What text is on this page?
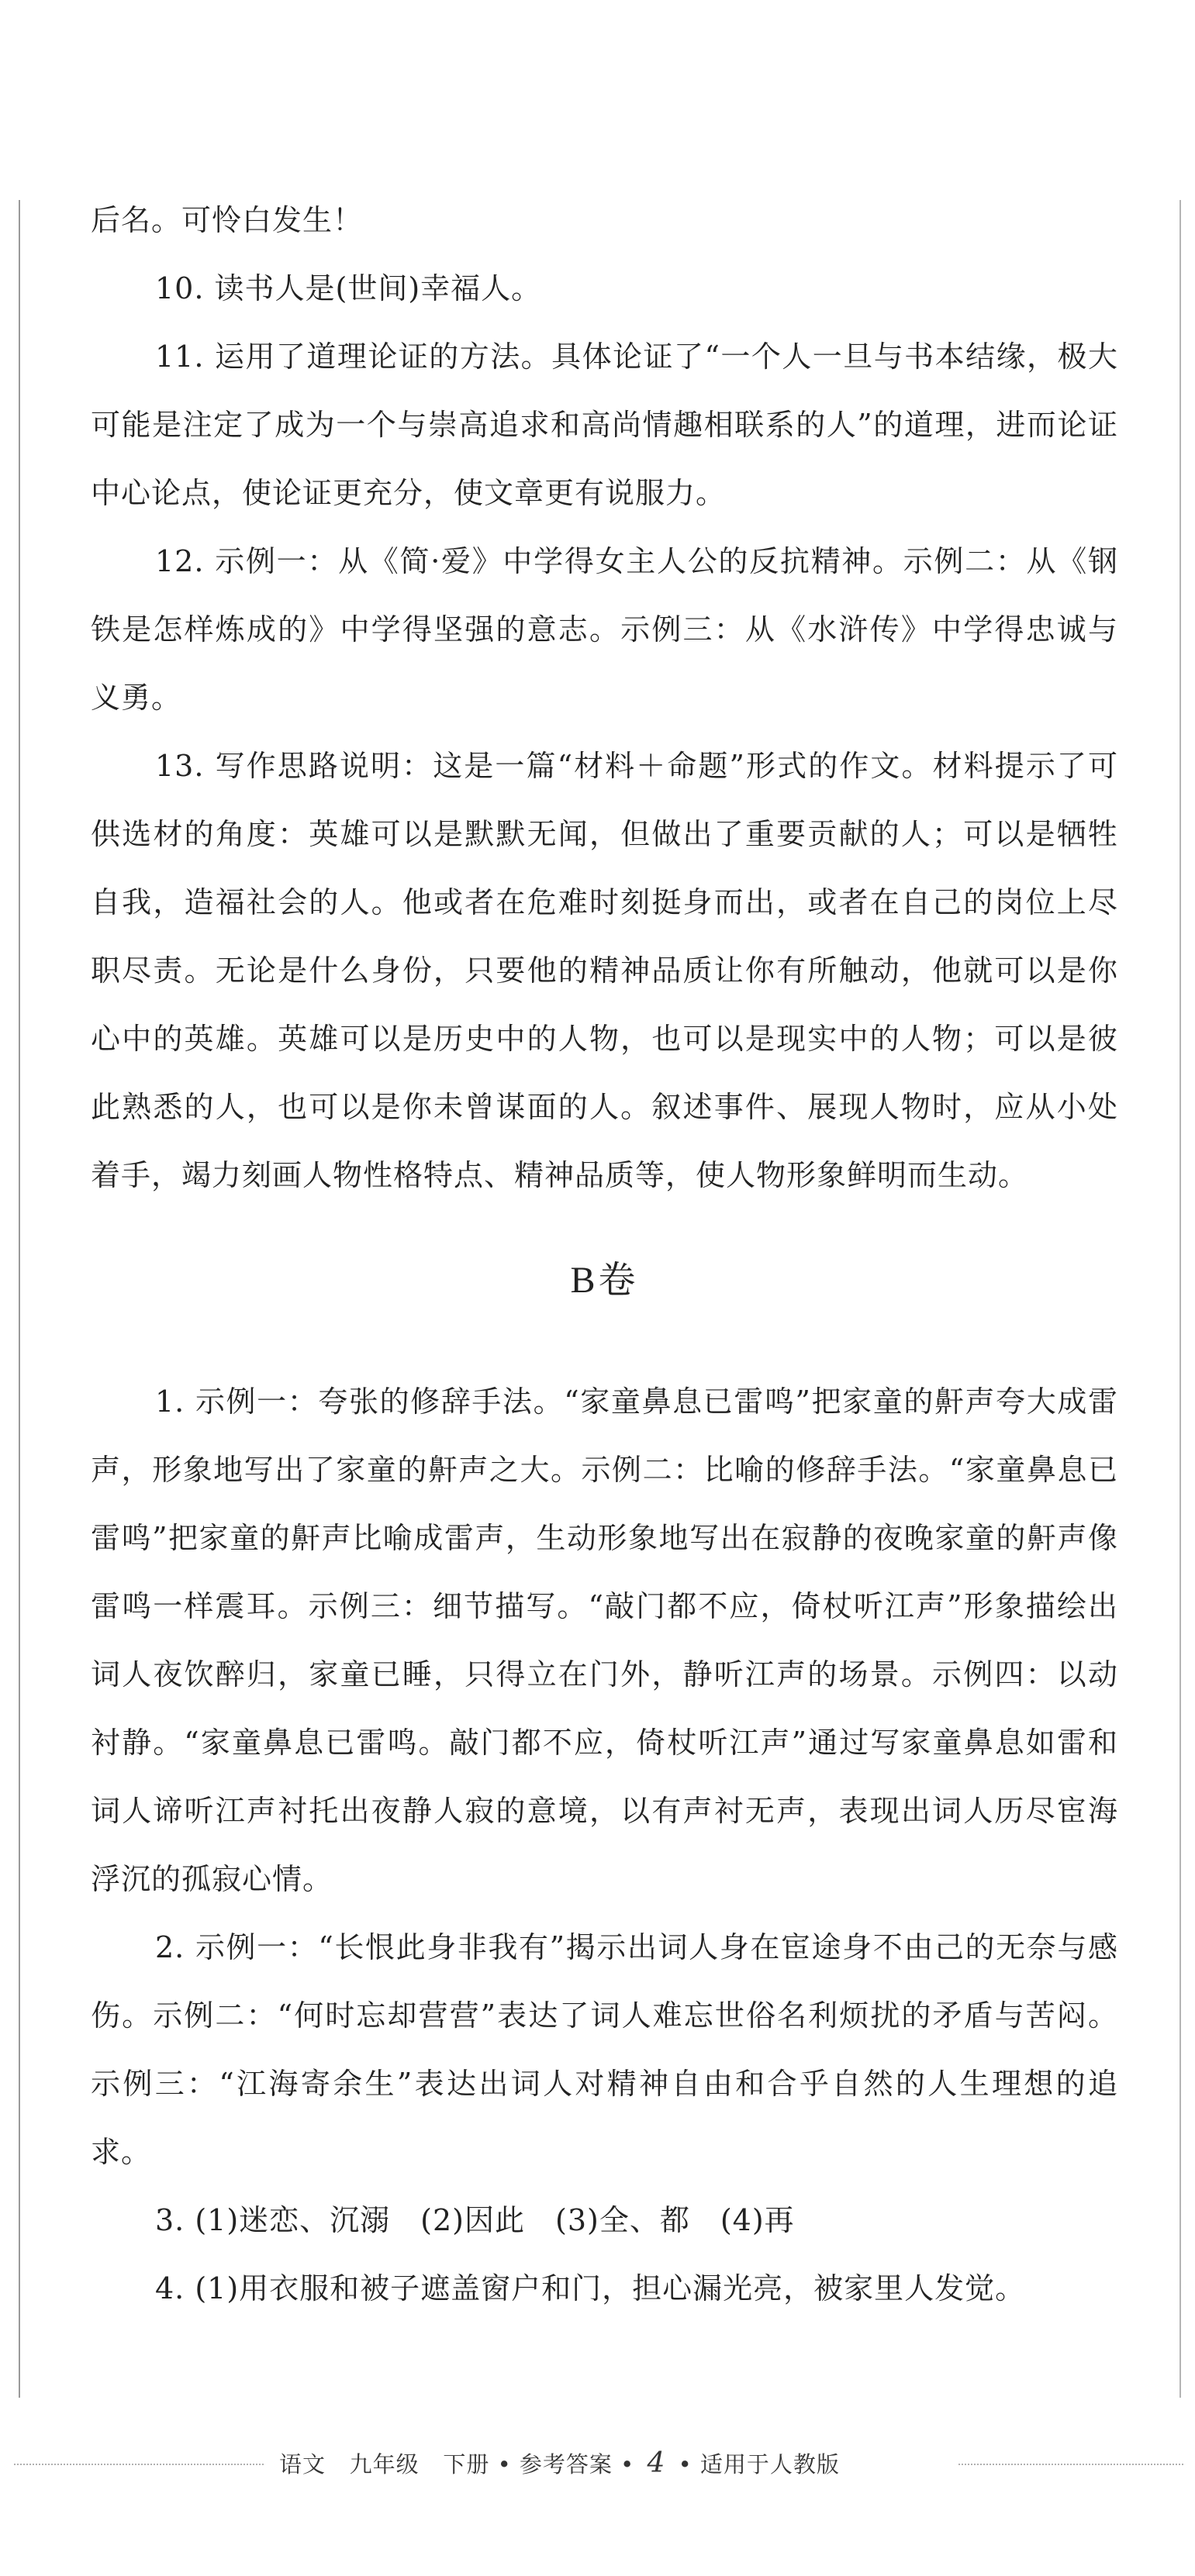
后名。可怜白发生！

10. 读书人是(世间)幸福人。

11. 运用了道理论证的方法。具体论证了“一个人一旦与书本结缘，极大可能是注定了成为一个与崇高追求和高尚情趣相联系的人”的道理，进而论证中心论点，使论证更充分，使文章更有说服力。

12. 示例一：从《简·爱》中学得女主人公的反抗精神。示例二：从《钢铁是怎样炼成的》中学得坚强的意志。示例三：从《水浒传》中学得忠诚与义勇。

13. 写作思路说明：这是一篇“材料＋命题”形式的作文。材料提示了可供选材的角度：英雄可以是默默无闻，但做出了重要贡献的人；可以是牺牲自我，造福社会的人。他或者在危难时刻挺身而出，或者在自己的岗位上尽职尽责。无论是什么身份，只要他的精神品质让你有所触动，他就可以是你心中的英雄。英雄可以是历史中的人物，也可以是现实中的人物；可以是彼此熟悉的人，也可以是你未曾谋面的人。叙述事件、展现人物时，应从小处着手，竭力刻画人物性格特点、精神品质等，使人物形象鲜明而生动。

B卷

1. 示例一：夸张的修辞手法。“家童鼻息已雷鸣”把家童的鼾声夸大成雷声，形象地写出了家童的鼾声之大。示例二：比喻的修辞手法。“家童鼻息已雷鸣”把家童的鼾声比喻成雷声，生动形象地写出在寂静的夜晚家童的鼾声像雷鸣一样震耳。示例三：细节描写。“敲门都不应，倚杖听江声”形象描绘出词人夜饮醉归，家童已睡，只得立在门外，静听江声的场景。示例四：以动衬静。“家童鼻息已雷鸣。敲门都不应，倚杖听江声”通过写家童鼻息如雷和词人谛听江声衬托出夜静人寂的意境，以有声衬无声，表现出词人历尽宦海浮沉的孤寂心情。

2. 示例一：“长恨此身非我有”揭示出词人身在宦途身不由己的无奈与感伤。示例二：“何时忘却营营”表达了词人难忘世俗名利烦扰的矛盾与苦闷。示例三：“江海寄余生”表达出词人对精神自由和合乎自然的人生理想的追求。

3. (1)迷恋、沉溺　(2)因此　(3)全、都　(4)再

4. (1)用衣服和被子遮盖窗户和门，担心漏光亮，被家里人发觉。

语文 九年级 下册 • 参考答案 • 4 • 适用于人教版
